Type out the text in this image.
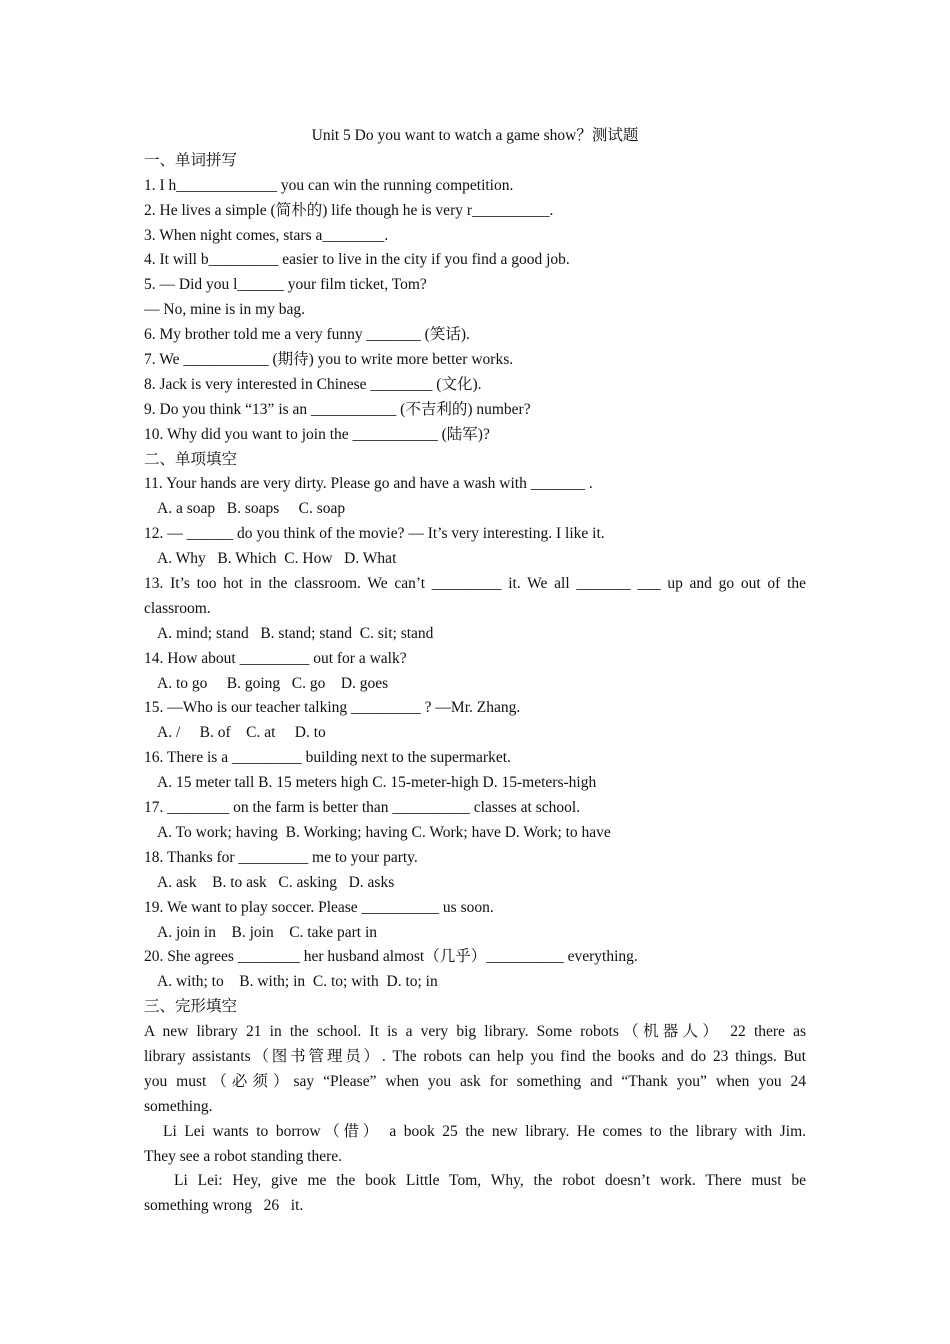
Unit 5 Do you want to watch a game show？测试题
一、单词拼写
1. I h_____________ you can win the running competition.
2. He lives a simple (简朴的) life though he is very r__________.
3. When night comes, stars a________.
4. It will b_________ easier to live in the city if you find a good job.
5. — Did you l______ your film ticket, Tom?
— No, mine is in my bag.
6. My brother told me a very funny _______ (笑话).
7. We ___________ (期待) you to write more better works.
8. Jack is very interested in Chinese ________ (文化).
9. Do you think “13” is an ___________ (不吉利的) number?
10. Why did you want to join the ___________ (陆军)?
二、单项填空
11. Your hands are very dirty. Please go and have a wash with _______ .
A. a soap   B. soaps     C. soap
12. — ______ do you think of the movie? — It’s very interesting. I like it.
A. Why   B. Which  C. How   D. What
13. It’s too hot in the classroom. We can’t _________ it. We all _______ ___ up and go out of the
classroom.
A. mind; stand   B. stand; stand  C. sit; stand
14. How about _________ out for a walk?
A. to go     B. going   C. go    D. goes
15. —Who is our teacher talking _________ ? —Mr. Zhang.
A. /     B. of    C. at     D. to
16. There is a _________ building next to the supermarket.
A. 15 meter tall B. 15 meters high C. 15-meter-high D. 15-meters-high
17. ________ on the farm is better than __________ classes at school.
A. To work; having  B. Working; having C. Work; have D. Work; to have
18. Thanks for _________ me to your party.
A. ask    B. to ask   C. asking   D. asks
19. We want to play soccer. Please __________ us soon.
A. join in    B. join    C. take part in
20. She agrees ________ her husband almost（几乎）__________ everything.
A. with; to    B. with; in  C. to; with  D. to; in
三、完形填空
A new library 21 in the school. It is a very big library. Some robots（机器人） 22 there as
library assistants（图书管理员）. The robots can help you find the books and do 23 things. But
you must（必须）say “Please” when you ask for something and “Thank you” when you 24
something.
Li Lei wants to borrow（借） a book 25 the new library. He comes to the library with Jim.
They see a robot standing there.
Li Lei: Hey, give me the book Little Tom, Why, the robot doesn’t work. There must be
something wrong   26   it.
